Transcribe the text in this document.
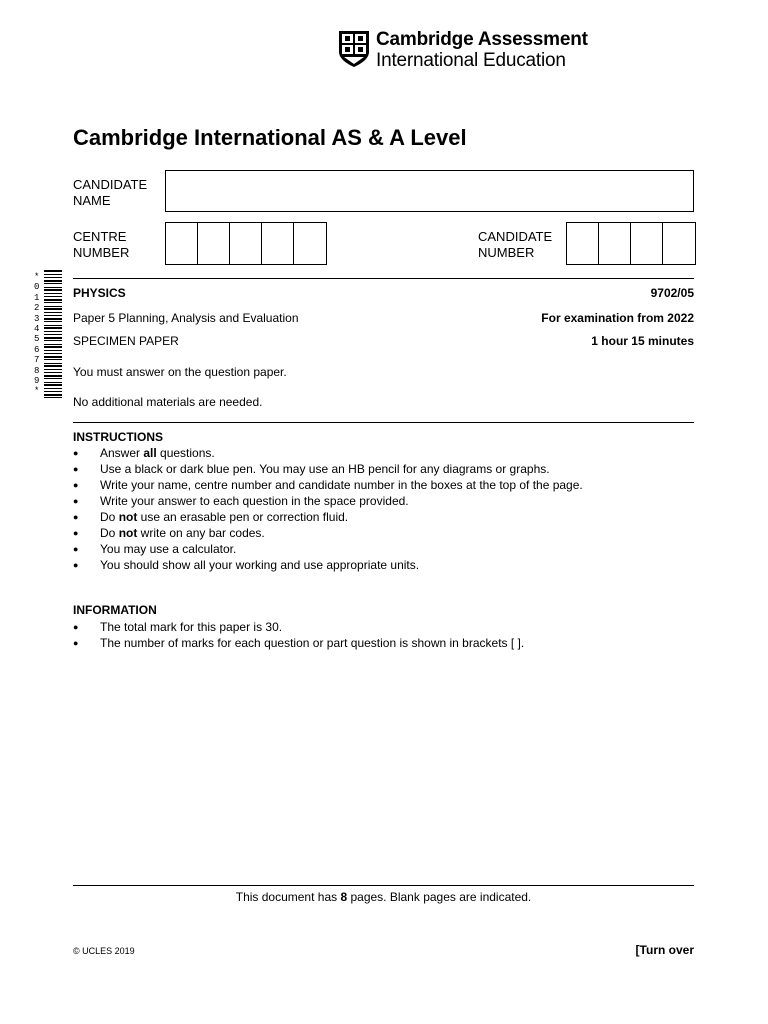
Cambridge Assessment
International Education
Cambridge International AS & A Level
CANDIDATE
NAME
CENTRE
NUMBER
CANDIDATE
NUMBER
*0123456789*
PHYSICS	9702/05
Paper 5 Planning, Analysis and Evaluation	For examination from 2022
SPECIMEN PAPER	1 hour 15 minutes
You must answer on the question paper.
No additional materials are needed.
INSTRUCTIONS
● Answer all questions.
● Use a black or dark blue pen. You may use an HB pencil for any diagrams or graphs.
● Write your name, centre number and candidate number in the boxes at the top of the page.
● Write your answer to each question in the space provided.
● Do not use an erasable pen or correction fluid.
● Do not write on any bar codes.
● You may use a calculator.
● You should show all your working and use appropriate units.
INFORMATION
● The total mark for this paper is 30.
● The number of marks for each question or part question is shown in brackets [ ].
This document has 8 pages. Blank pages are indicated.
© UCLES 2019	[Turn over
